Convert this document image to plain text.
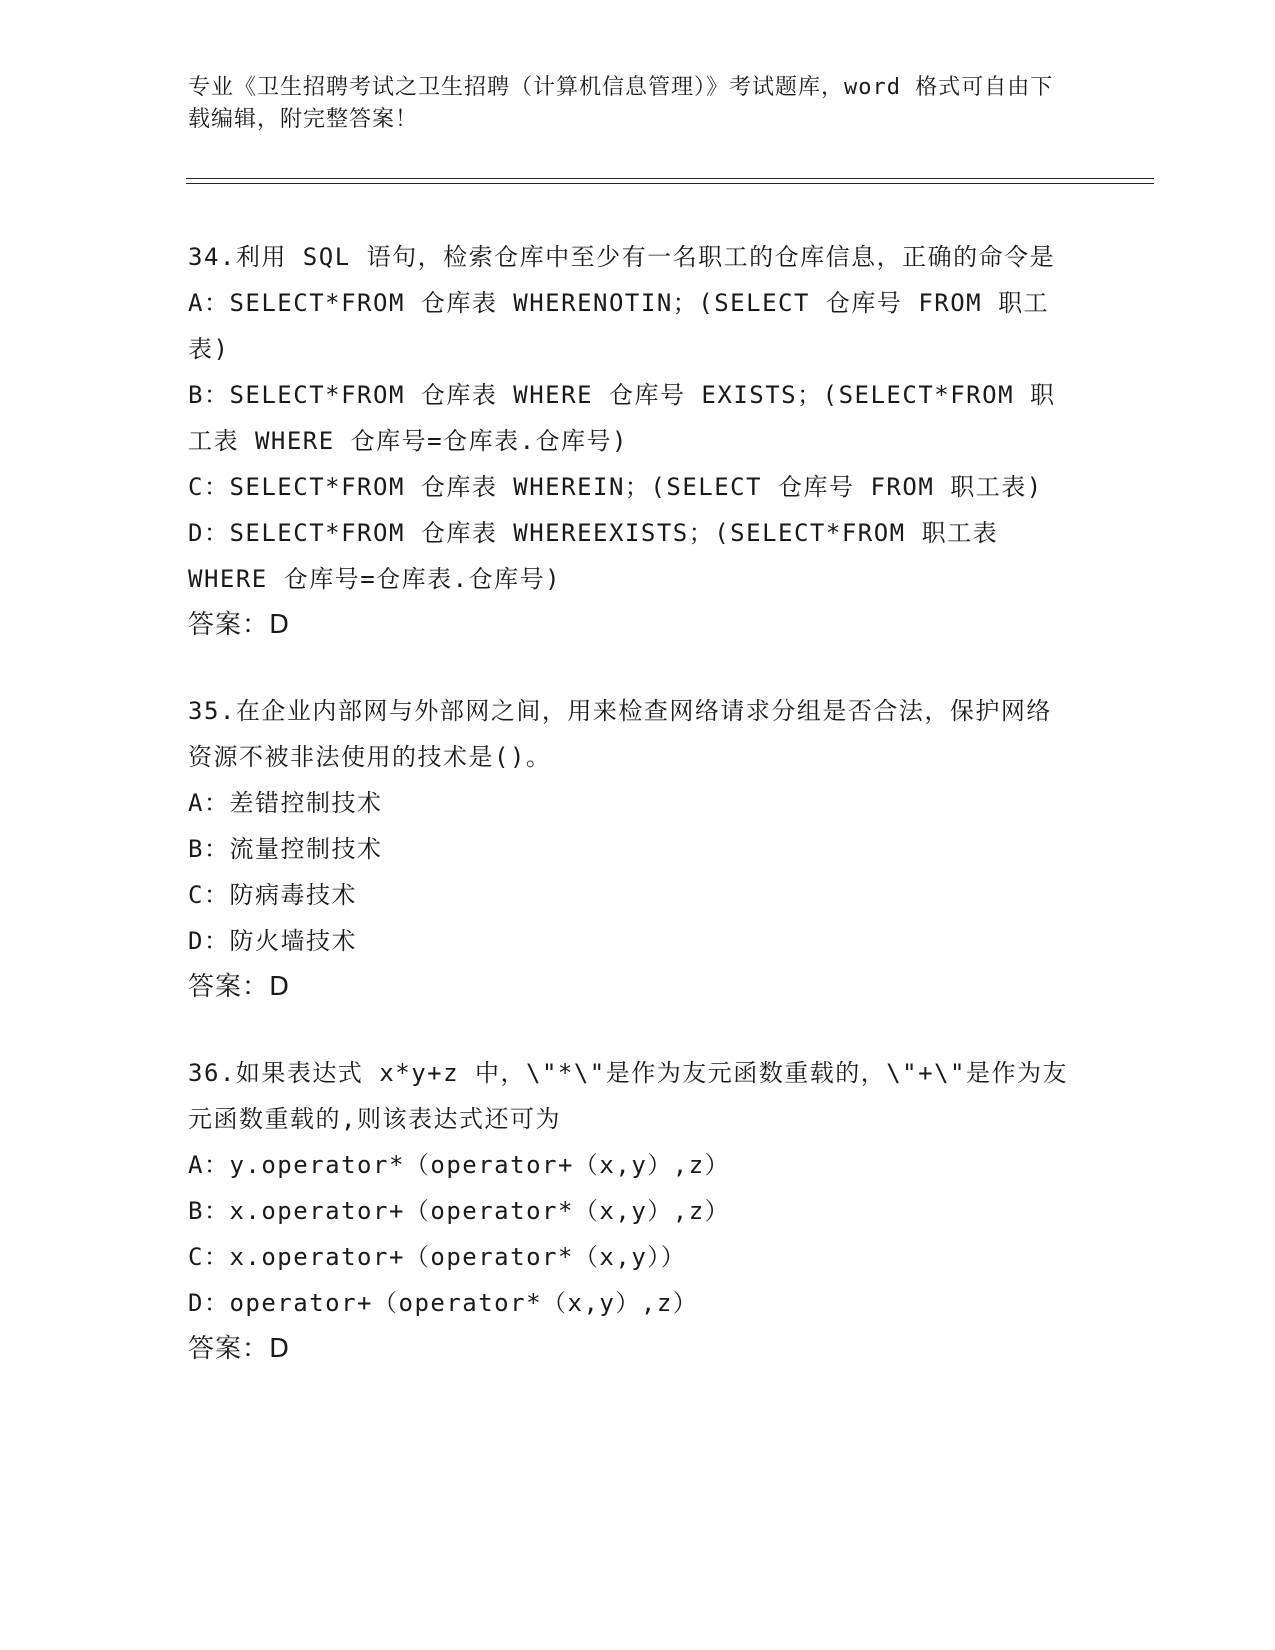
专业《卫生招聘考试之卫生招聘（计算机信息管理）》考试题库，word 格式可自由下载编辑，附完整答案！
34.利用 SQL 语句，检索仓库中至少有一名职工的仓库信息，正确的命令是
A：SELECT*FROM 仓库表 WHERENOTIN；(SELECT 仓库号 FROM 职工表)
B：SELECT*FROM 仓库表 WHERE 仓库号 EXISTS；(SELECT*FROM 职工表 WHERE 仓库号=仓库表.仓库号)
C：SELECT*FROM 仓库表 WHEREIN；(SELECT 仓库号 FROM 职工表)
D：SELECT*FROM 仓库表 WHEREEXISTS；(SELECT*FROM 职工表 WHERE 仓库号=仓库表.仓库号)
答案：D
35.在企业内部网与外部网之间，用来检查网络请求分组是否合法，保护网络资源不被非法使用的技术是()。
A：差错控制技术
B：流量控制技术
C：防病毒技术
D：防火墙技术
答案：D
36.如果表达式 x*y+z 中，\"*\"是作为友元函数重载的，\"+\"是作为友元函数重载的,则该表达式还可为
A：y.operator*（operator+（x,y）,z）
B：x.operator+（operator*（x,y）,z）
C：x.operator+（operator*（x,y））
D：operator+（operator*（x,y）,z）
答案：D
